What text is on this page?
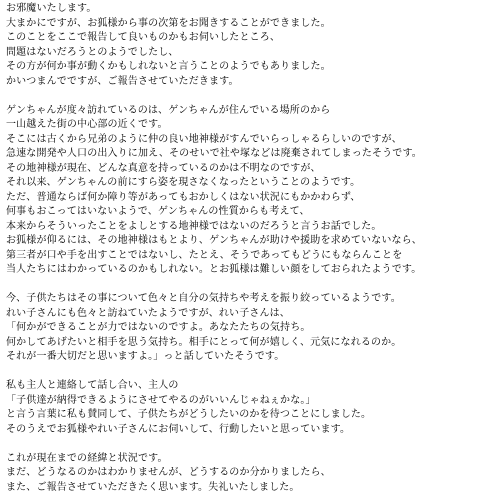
お邪魔いたします。
大まかにですが、お狐様から事の次第をお聞きすることができました。
このことをここで報告して良いものかもお伺いしたところ、
問題はないだろうとのようでしたし、
その方が何か事が動くかもしれないと言うことのようでもありました。
かいつまんでですが、ご報告させていただきます。
ゲンちゃんが度々訪れているのは、ゲンちゃんが住んでいる場所のから
一山越えた街の中心部の近くです。
そこには古くから兄弟のように仲の良い地神様がすんでいらっしゃるらしいのですが、
急速な開発や人口の出入りに加え、そのせいで社や塚などは廃棄されてしまったそうです。
その地神様が現在、どんな真意を持っているのかは不明なのですが、
それ以来、ゲンちゃんの前にすら姿を現さなくなったということのようです。
ただ、普通ならば何か障り等があってもおかしくはない状況にもかかわらず、
何事もおこってはいないようで、ゲンちゃんの性質からも考えて、
本来からそういったことをよしとする地神様ではないのだろうと言うお話でした。
お狐様が仰るには、その地神様はもとより、ゲンちゃんが助けや援助を求めていないなら、
第三者が口や手を出すことではないし、たとえ、そうであってもどうにもならんことを
当人たちにはわかっているのかもしれない。とお狐様は難しい顔をしておられたようです。
今、子供たちはその事について色々と自分の気持ちや考えを振り絞っているようです。
れい子さんにも色々と訪ねていたようですが、れい子さんは、
「何かができることが力ではないのですよ。あなたたちの気持ち。
何かしてあげたいと相手を思う気持ち。相手にとって何が嬉しく、元気になれるのか。
それが一番大切だと思いますよ。」っと話していたそうです。
私も主人と連絡して話し合い、主人の
「子供達が納得できるようにさせてやるのがいいんじゃねぇかな。」
と言う言葉に私も賛同して、子供たちがどうしたいのかを待つことにしました。
そのうえでお狐様やれい子さんにお伺いして、行動したいと思っています。
これが現在までの経緯と状況です。
まだ、どうなるのかはわかりませんが、どうするのか分かりましたら、
また、ご報告させていただきたく思います。失礼いたしました。
